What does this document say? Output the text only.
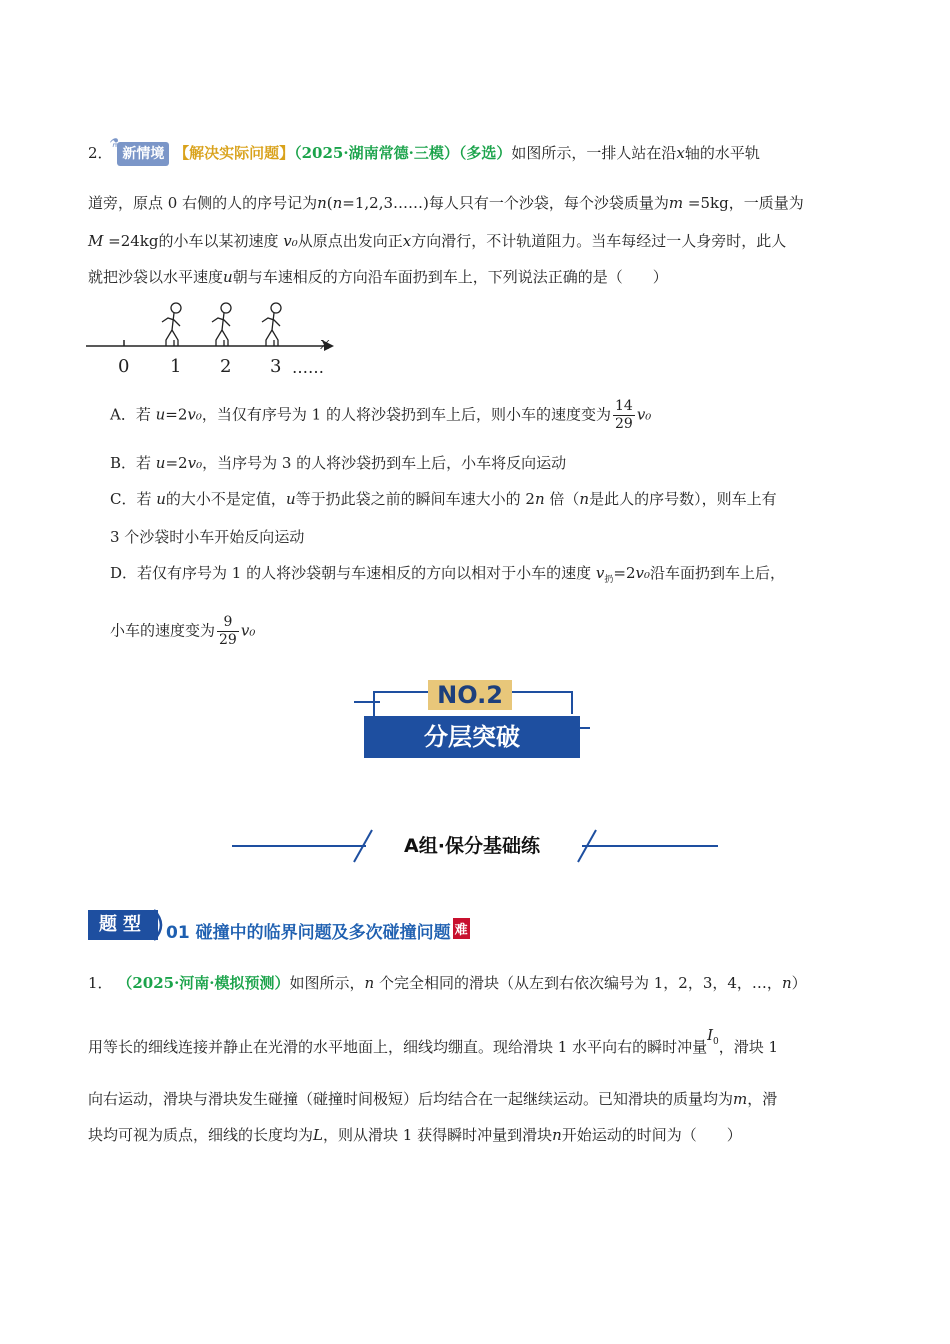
2．
⚗
新情境 【解决实际问题】（2025·湖南常德·三模）（多选）如图所示，一排人站在沿x轴的水平轨
道旁，原点 0 右侧的人的序号记为n(n=1,2,3……)每人只有一个沙袋，每个沙袋质量为m =5kg，一质量为
M =24kg的小车以某初速度 v₀从原点出发向正x方向滑行，不计轨道阻力。当车每经过一人身旁时，此人
就把沙袋以水平速度u朝与车速相反的方向沿车面扔到车上，下列说法正确的是（　　）
x
0 1 2 3 ……
A．若 u=2v₀，当仅有序号为 1 的人将沙袋扔到车上后，则小车的速度变为 $\frac{14}{29} v_0$
B．若 u=2v₀，当序号为 3 的人将沙袋扔到车上后，小车将反向运动
C．若 u的大小不是定值，u等于扔此袋之前的瞬间车速大小的 2n 倍（n是此人的序号数），则车上有
3 个沙袋时小车开始反向运动
D．若仅有序号为 1 的人将沙袋朝与车速相反的方向以相对于小车的速度 $v_扔=2v_0$沿车面扔到车上后，
小车的速度变为 $\frac{9}{29} v_0$
NO.2
分层突破
A组·保分基础练
题型	01 碰撞中的临界问题及多次碰撞问题 难
1． （2025·河南·模拟预测）如图所示，n 个完全相同的滑块（从左到右依次编号为 1，2，3，4，…，n）
用等长的细线连接并静止在光滑的水平地面上，细线均绷直。现给滑块 1 水平向右的瞬时冲量$I_0$，滑块 1
向右运动，滑块与滑块发生碰撞（碰撞时间极短）后均结合在一起继续运动。已知滑块的质量均为m，滑
块均可视为质点，细线的长度均为L，则从滑块 1 获得瞬时冲量到滑块n开始运动的时间为（　　）
